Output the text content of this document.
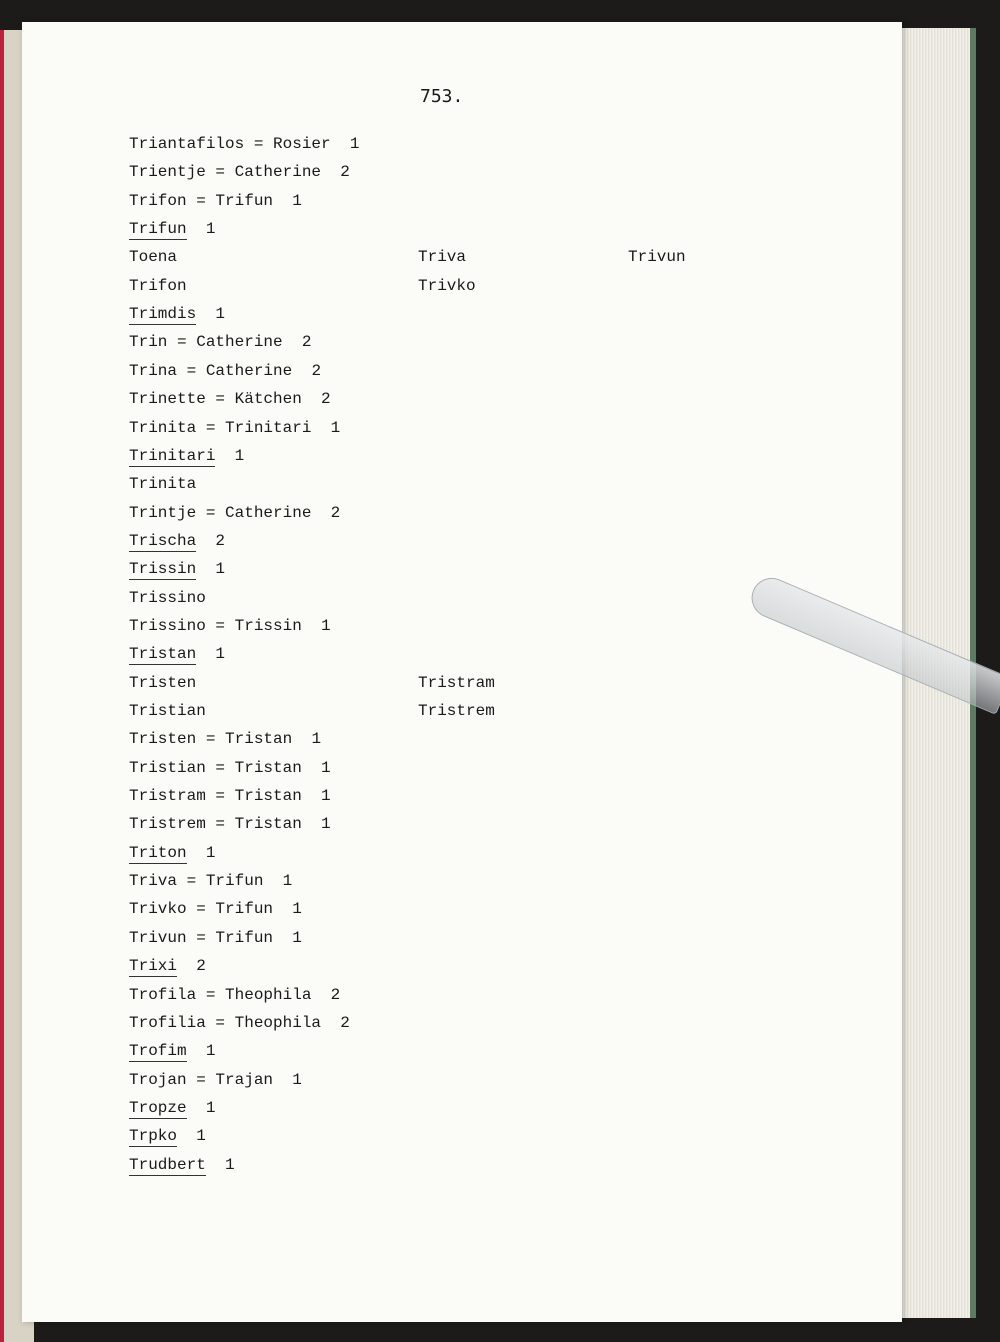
753.
Triantafilos = Rosier  1
Trientje = Catherine  2
Trifon = Trifun  1
Trifun  1
Toena
Trifon
Trimdis  1
Trin = Catherine  2
Trina = Catherine  2
Trinette = Kätchen  2
Trinita = Trinitari  1
Trinitari  1
Trinita
Trintje = Catherine  2
Trischa  2
Trissin  1
Trissino
Trissino = Trissin  1
Tristan  1
Tristen
Tristian
Tristen = Tristan  1
Tristian = Tristan  1
Tristram = Tristan  1
Tristrem = Tristan  1
Triton  1
Triva = Trifun  1
Trivko = Trifun  1
Trivun = Trifun  1
Trixi  2
Trofila = Theophila  2
Trofilia = Theophila  2
Trofim  1
Trojan = Trajan  1
Tropze  1
Trpko  1
Trudbert  1
Triva	Trivun
Trivko
Tristram
Tristrem
